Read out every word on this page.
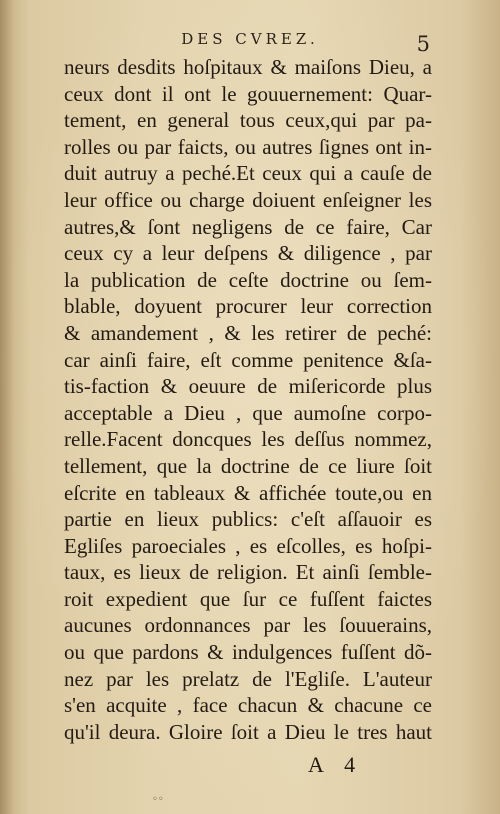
DES CVREZ.	5
neurs desdits hoſpitaux & maiſons Dieu, a
ceux dont il ont le gouuernement: Quar-
tement, en general tous ceux,qui par pa-
rolles ou par faicts, ou autres ſignes ont in-
duit autruy a peché.Et ceux qui a cauſe de
leur office ou charge doiuent enſeigner les
autres,& ſont negligens de ce faire, Car
ceux cy a leur deſpens & diligence , par
la publication de ceſte doctrine ou ſem-
blable, doyuent procurer leur correction
& amandement , & les retirer de peché:
car ainſi faire, eſt comme penitence &ſa-
tis-faction & oeuure de miſericorde plus
acceptable a Dieu , que aumoſne corpo-
relle.Facent doncques les deſſus nommez,
tellement, que la doctrine de ce liure ſoit
eſcrite en tableaux & affichée toute,ou en
partie en lieux publics: c'eſt aſſauoir es
Egliſes paroeciales , es eſcolles, es hoſpi-
taux, es lieux de religion. Et ainſi ſemble-
roit expedient que ſur ce fuſſent faictes
aucunes ordonnances par les ſouuerains,
ou que pardons & indulgences fuſſent dõ-
nez par les prelatz de l'Egliſe. L'auteur
s'en acquite , face chacun & chacune ce
qu'il deura. Gloire ſoit a Dieu le tres haut
A 4
◦◦
